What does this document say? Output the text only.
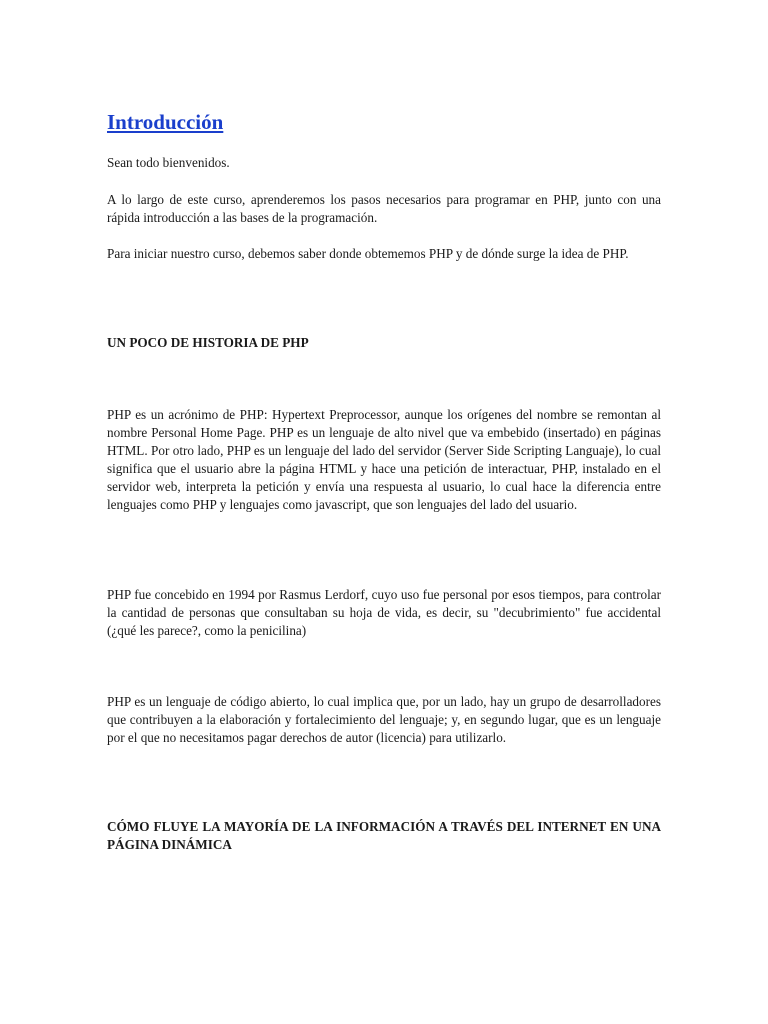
Introducción

Sean todo bienvenidos.

A lo largo de este curso, aprenderemos los pasos necesarios para programar en PHP, junto con una rápida introducción a las bases de la programación.

Para iniciar nuestro curso, debemos saber donde obtememos PHP y de dónde surge la idea de PHP.

UN POCO DE HISTORIA DE PHP

PHP es un acrónimo de PHP: Hypertext Preprocessor, aunque los orígenes del nombre se remontan al nombre Personal Home Page. PHP es un lenguaje de alto nivel que va embebido (insertado) en páginas HTML. Por otro lado, PHP es un lenguaje del lado del servidor (Server Side Scripting Languaje), lo cual significa que el usuario abre la página HTML y hace una petición de interactuar, PHP, instalado en el servidor web, interpreta la petición y envía una respuesta al usuario, lo cual hace la diferencia entre lenguajes como PHP y lenguajes como javascript, que son lenguajes del lado del usuario.

PHP fue concebido en 1994 por Rasmus Lerdorf, cuyo uso fue personal por esos tiempos, para controlar la cantidad de personas que consultaban su hoja de vida, es decir, su "decubrimiento" fue accidental (¿qué les parece?, como la penicilina)

PHP es un lenguaje de código abierto, lo cual implica que, por un lado, hay un grupo de desarrolladores que contribuyen a la elaboración y fortalecimiento del lenguaje; y, en segundo lugar, que es un lenguaje por el que no necesitamos pagar derechos de autor (licencia) para utilizarlo.

CÓMO FLUYE LA MAYORÍA DE LA INFORMACIÓN A TRAVÉS DEL INTERNET EN UNA PÁGINA DINÁMICA
